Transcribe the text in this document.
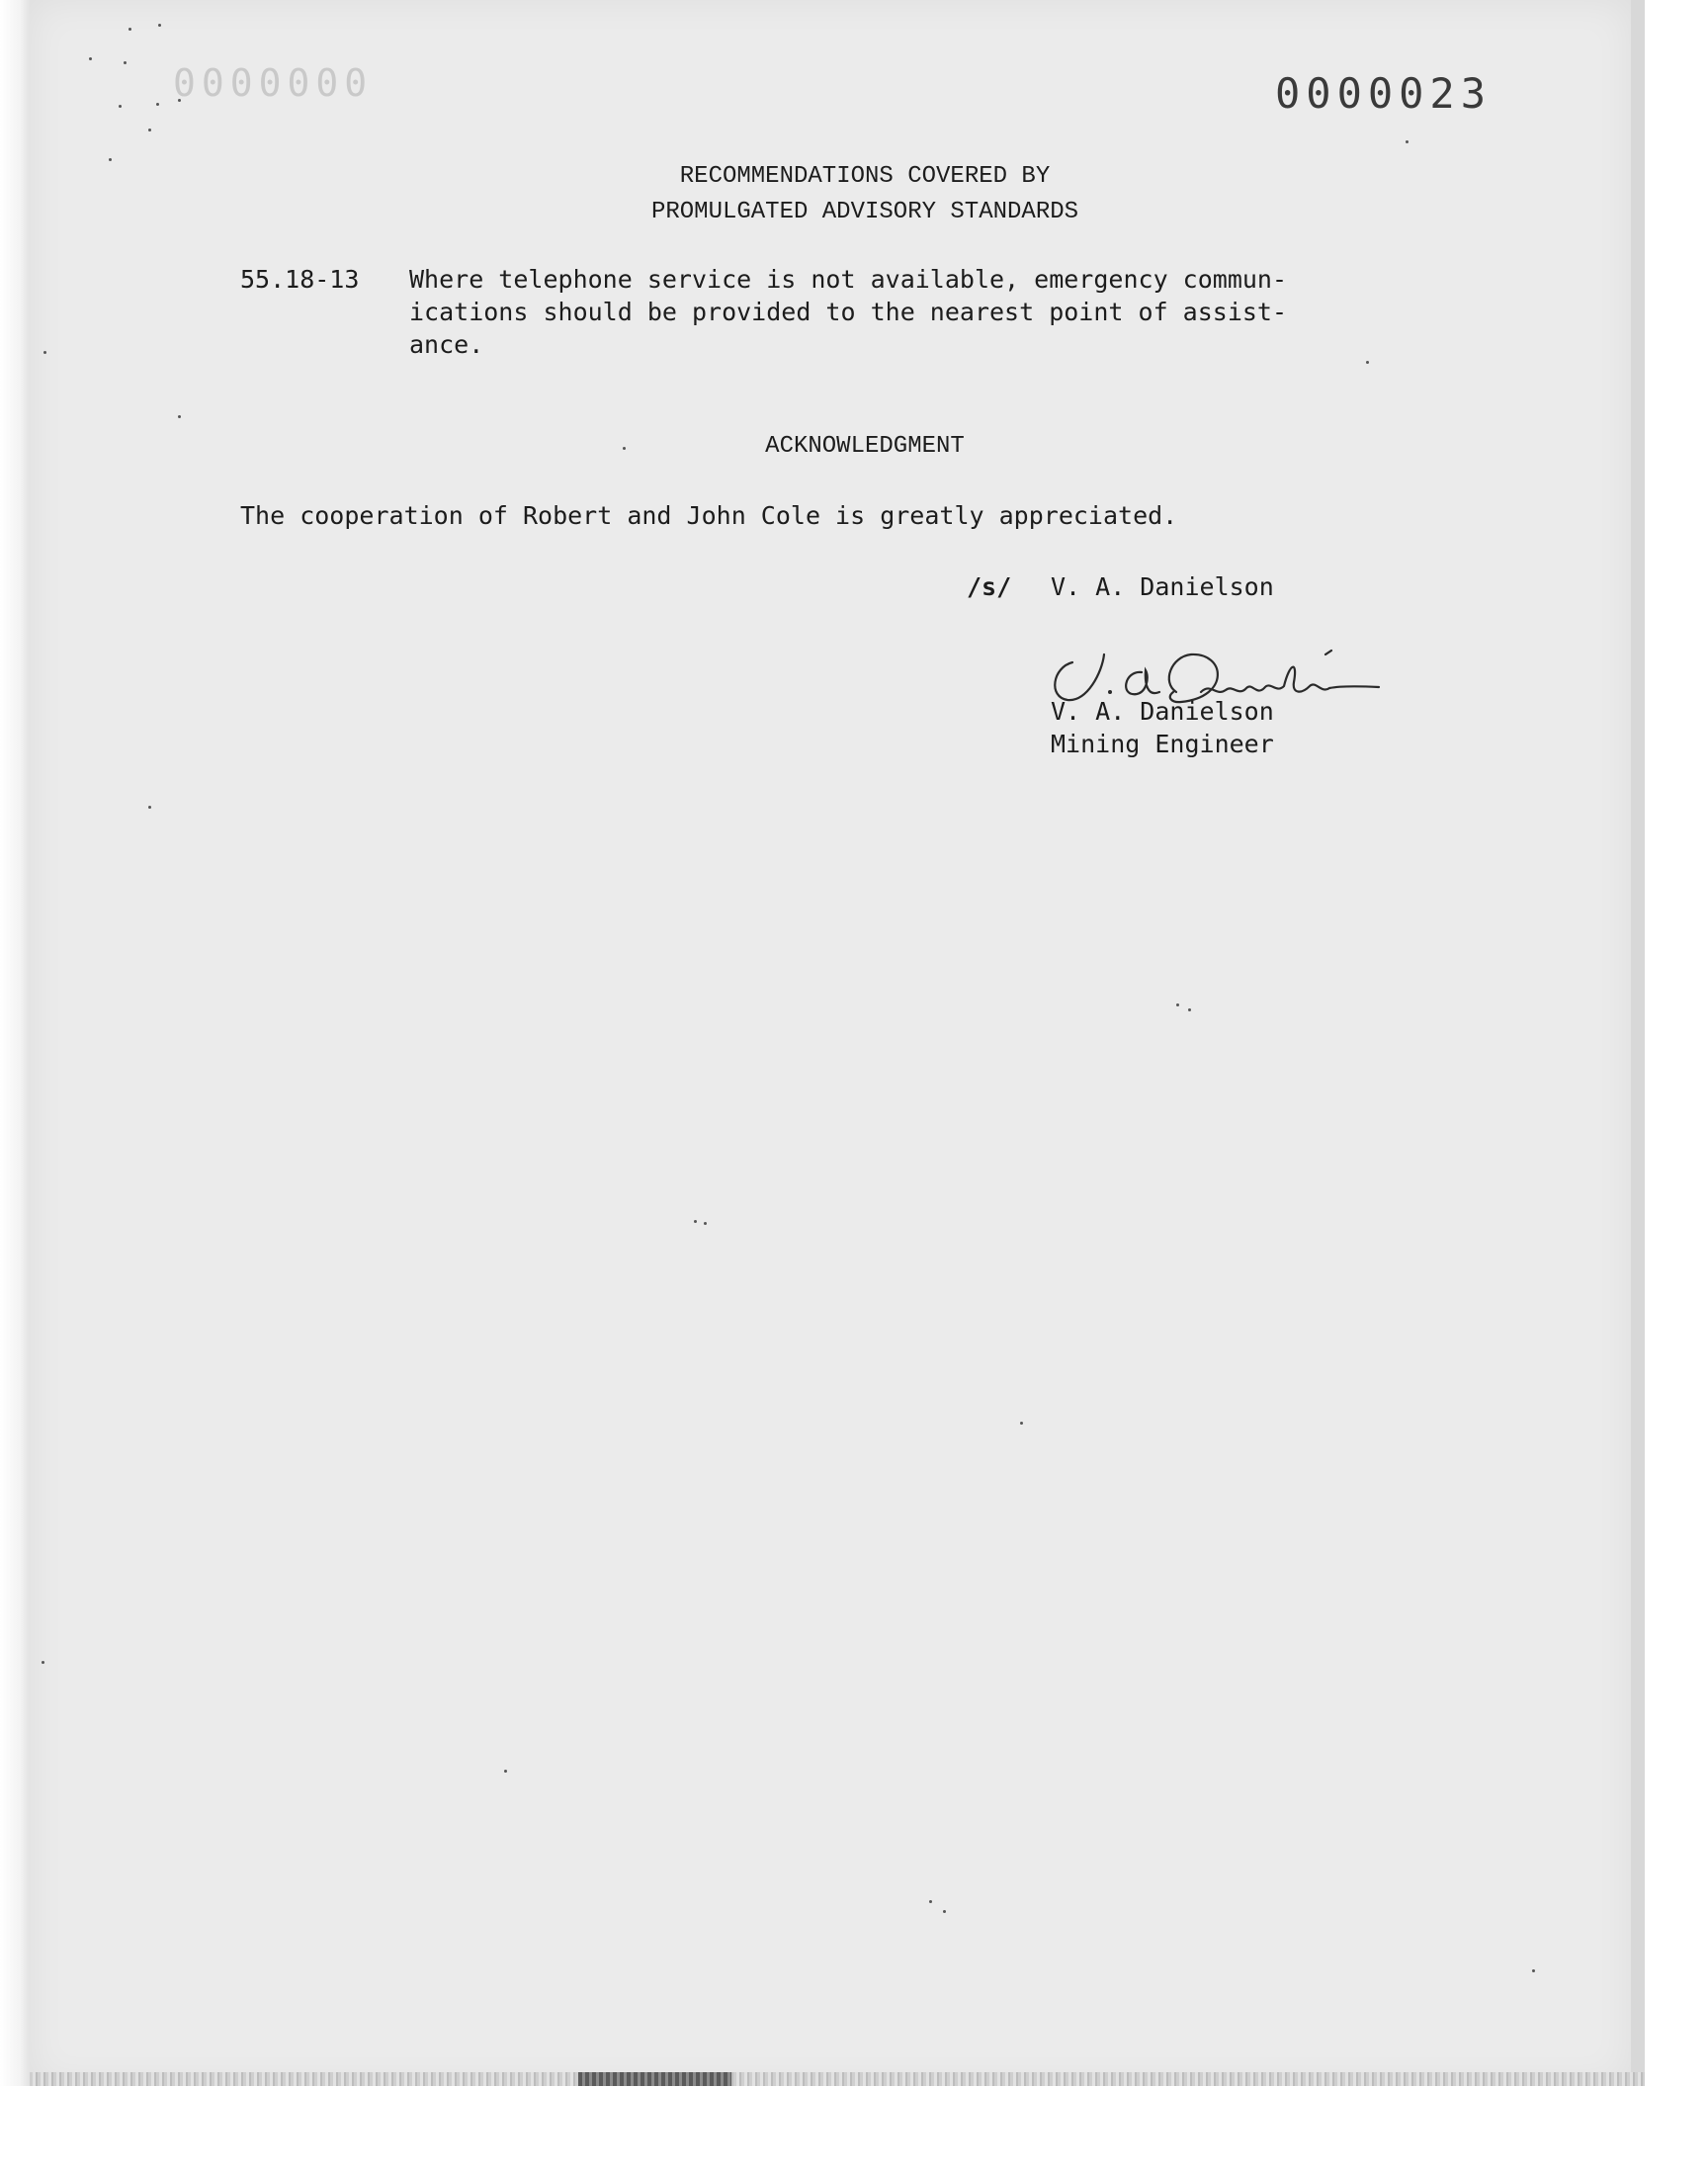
0000000	0000023
RECOMMENDATIONS COVERED BY
PROMULGATED ADVISORY STANDARDS
55.18-13 Where telephone service is not available, emergency commun-
ications should be provided to the nearest point of assist-
ance.
ACKNOWLEDGMENT
The cooperation of Robert and John Cole is greatly appreciated.
/s/ V. A. Danielson
V. A. Danielson
Mining Engineer
